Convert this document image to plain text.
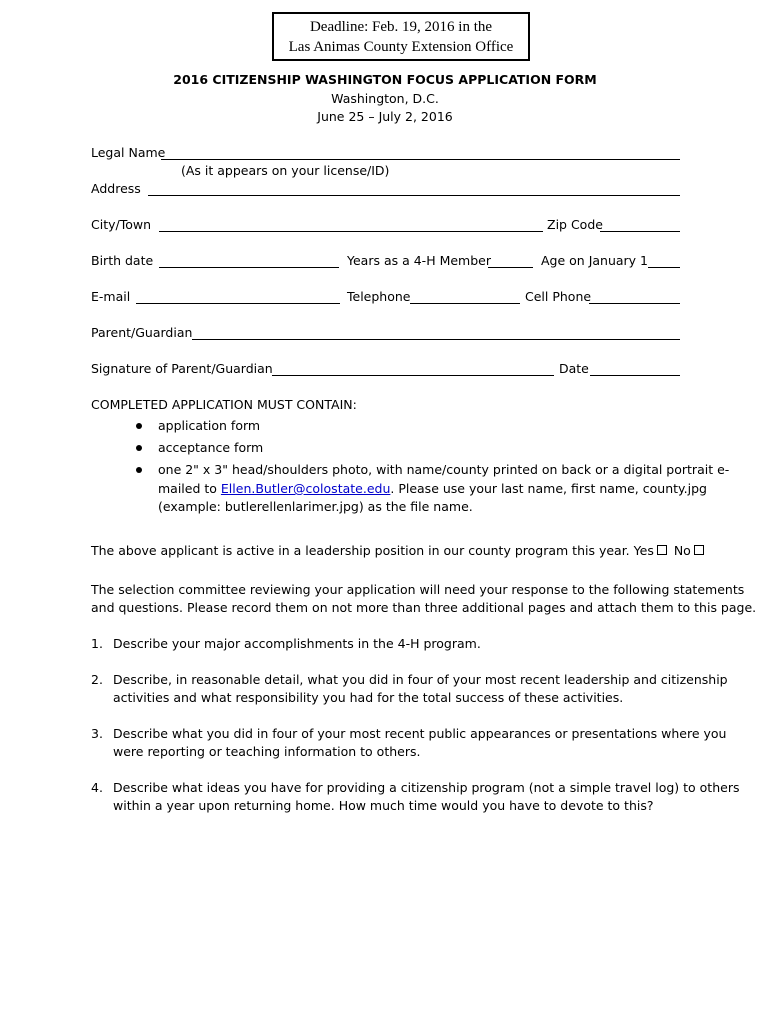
Deadline: Feb. 19, 2016 in the
Las Animas County Extension Office
2016 CITIZENSHIP WASHINGTON FOCUS APPLICATION FORM
Washington, D.C.
June 25 – July 2, 2016
Legal Name
(As it appears on your license/ID)
Address
City/Town	Zip Code
Birth date	Years as a 4-H Member	Age on January 1
E-mail	Telephone	Cell Phone
Parent/Guardian
Signature of Parent/Guardian	Date
COMPLETED APPLICATION MUST CONTAIN:
application form
acceptance form
one 2" x 3" head/shoulders photo, with name/county printed on back or a digital portrait e-
mailed to Ellen.Butler@colostate.edu. Please use your last name, first name, county.jpg
(example: butlerellenlarimer.jpg) as the file name.
The above applicant is active in a leadership position in our county program this year. Yes No
The selection committee reviewing your application will need your response to the following statements
and questions. Please record them on not more than three additional pages and attach them to this page.
1. Describe your major accomplishments in the 4-H program.
2. Describe, in reasonable detail, what you did in four of your most recent leadership and citizenship
activities and what responsibility you had for the total success of these activities.
3. Describe what you did in four of your most recent public appearances or presentations where you
were reporting or teaching information to others.
4. Describe what ideas you have for providing a citizenship program (not a simple travel log) to others
within a year upon returning home. How much time would you have to devote to this?
